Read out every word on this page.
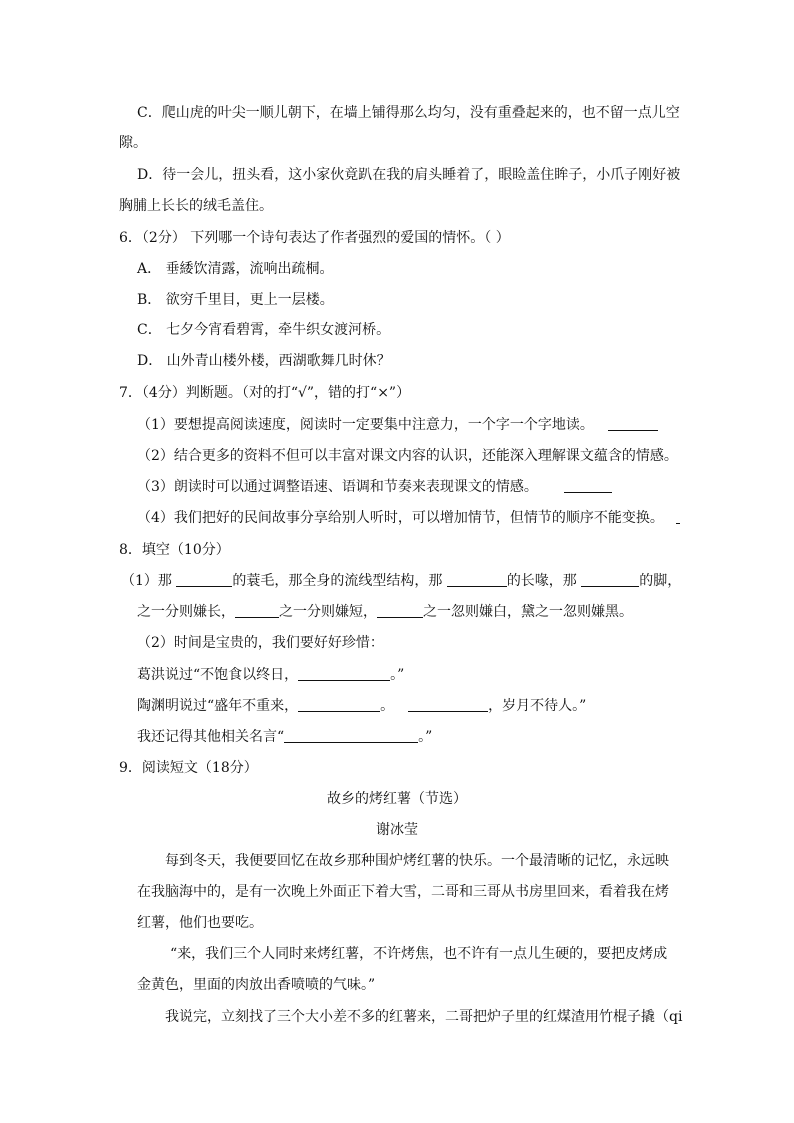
C．爬山虎的叶尖一顺儿朝下，在墙上铺得那么均匀，没有重叠起来的，也不留一点儿空
隙。
D．待一会儿，扭头看，这小家伙竟趴在我的肩头睡着了，眼睑盖住眸子，小爪子刚好被
胸脯上长长的绒毛盖住。
6．（2分） 下列哪一个诗句表达了作者强烈的爱国的情怀。（ ）
A． 垂緌饮清露，流响出疏桐。
B． 欲穷千里目，更上一层楼。
C． 七夕今宵看碧霄，牵牛织女渡河桥。
D． 山外青山楼外楼，西湖歌舞几时休？
7．（4分）判断题。（对的打“√”，错的打“×”）
（1）要想提高阅读速度，阅读时一定要集中注意力，一个字一个字地读。
（2）结合更多的资料不但可以丰富对课文内容的认识，还能深入理解课文蕴含的情感。
（3）朗读时可以通过调整语速、语调和节奏来表现课文的情感。
（4）我们把好的民间故事分享给别人听时，可以增加情节，但情节的顺序不能变换。
8．填空（10分）
（1）那	的蓑毛，那全身的流线型结构，那	的长喙，那	的脚，
之一分则嫌长，	之一分则嫌短，	之一忽则嫌白，黛之一忽则嫌黑。
（2）时间是宝贵的，我们要好好珍惜：
葛洪说过“不饱食以终日，	。”
陶渊明说过“盛年不重来，	。	，岁月不待人。”
我还记得其他相关名言“	。”
9．阅读短文（18分）
故乡的烤红薯（节选）
谢冰莹
每到冬天，我便要回忆在故乡那种围炉烤红薯的快乐。一个最清晰的记忆，永远映
在我脑海中的，是有一次晚上外面正下着大雪，二哥和三哥从书房里回来，看着我在烤
红薯，他们也要吃。
“来，我们三个人同时来烤红薯，不许烤焦，也不许有一点儿生硬的，要把皮烤成
金黄色，里面的肉放出香喷喷的气味。”
我说完，立刻找了三个大小差不多的红薯来，二哥把炉子里的红煤渣用竹棍子撬（qi
